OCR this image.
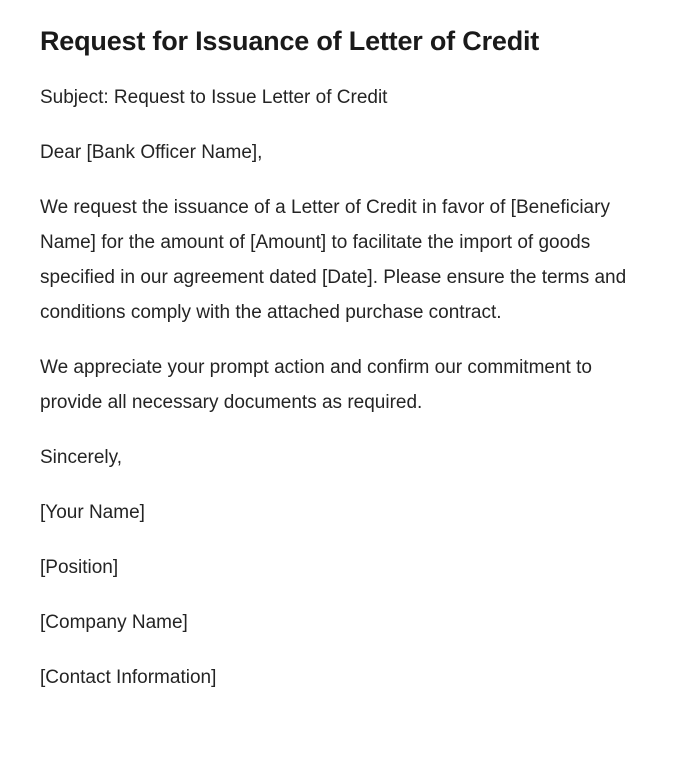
Request for Issuance of Letter of Credit

Subject: Request to Issue Letter of Credit

Dear [Bank Officer Name],

We request the issuance of a Letter of Credit in favor of [Beneficiary Name] for the amount of [Amount] to facilitate the import of goods specified in our agreement dated [Date]. Please ensure the terms and conditions comply with the attached purchase contract.

We appreciate your prompt action and confirm our commitment to provide all necessary documents as required.

Sincerely,

[Your Name]

[Position]

[Company Name]

[Contact Information]
